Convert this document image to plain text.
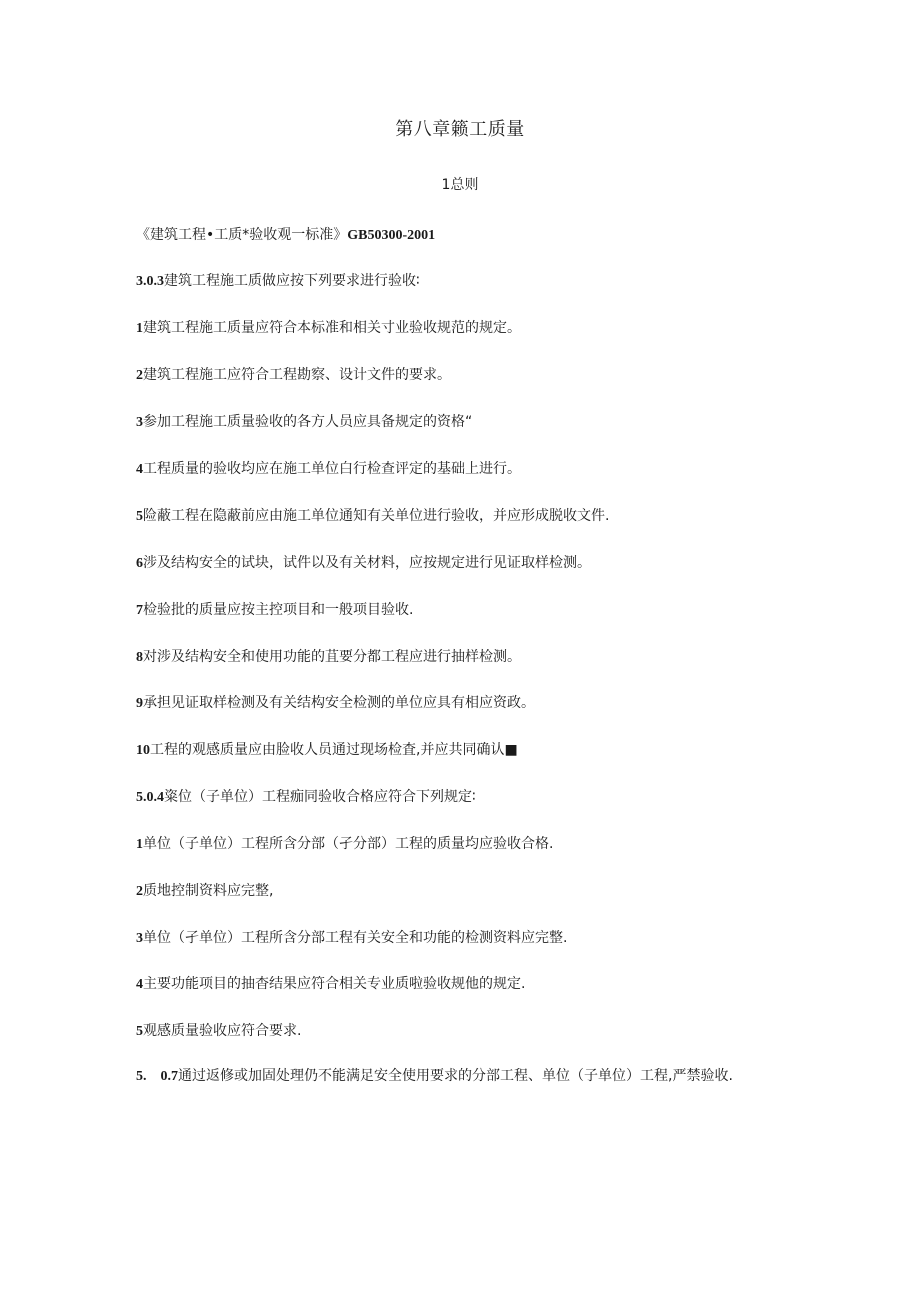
第八章籁工质量
1总则
《建筑工程•工质*验收观一标准》GB50300-2001
3.0.3建筑工程施工质做应按下列要求进行验收∶
1建筑工程施工质量应符合本标准和相关寸业验收规范的规定。
2建筑工程施工应符合工程勘察、设计文件的要求。
3参加工程施工质量验收的各方人员应具备规定的资格“
4工程质量的验收均应在施工单位白行检查评定的基础上进行。
5险蔽工程在隐蔽前应由施工单位通知有关单位进行验收，并应形成脱收文件.
6涉及结构安全的试块，试件以及有关材料，应按规定进行见证取样检测。
7检验批的质量应按主控项目和一般项目验收.
8对涉及结构安全和使用功能的苴要分都工程应进行抽样检测。
9承担见证取样检测及有关结构安全检测的单位应具有相应资政。
10工程的观感质量应由脸收人员通过现场检査,并应共同确认■
5.0.4粢位（子单位）工程痂同验收合格应符合下列规定∶
1单位（子单位）工程所含分部（孑分部）工程的质量均应验收合格.
2质地控制资料应完整,
3单位（孑单位）工程所含分部工程有关安全和功能的检测资料应完整.
4主要功能项目的抽杳结果应符合相关专业质啦验收规他的规定.
5观感质量验收应符合要求.
5.　0.7通过返修或加固处理仍不能满足安全使用要求的分部工程、单位（子单位）工程,严禁验收.
